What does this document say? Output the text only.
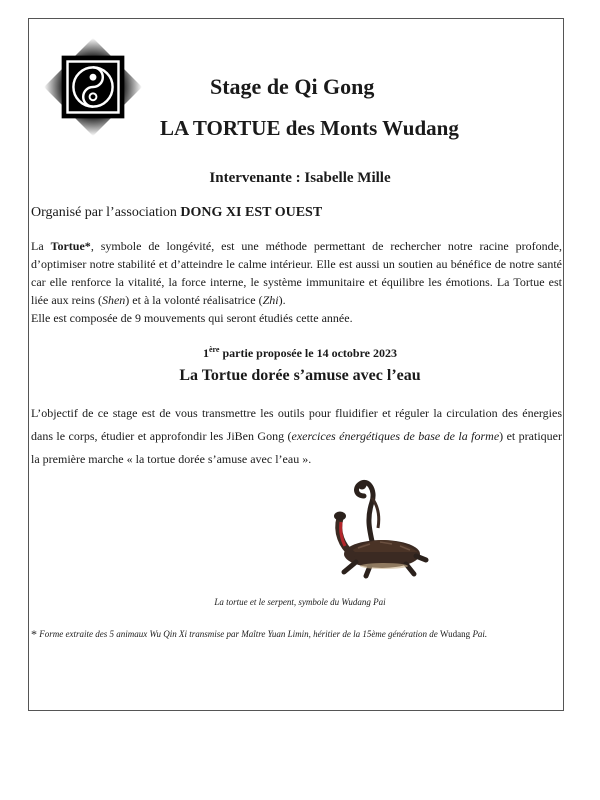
Stage de Qi Gong
LA TORTUE des Monts Wudang
Intervenante : Isabelle Mille
Organisé par l’association DONG XI EST OUEST
La Tortue*, symbole de longévité, est une méthode permettant de rechercher notre racine profonde, d’optimiser notre stabilité et d’atteindre le calme intérieur. Elle est aussi un soutien au bénéfice de notre santé car elle renforce la vitalité, la force interne, le système immunitaire et équilibre les émotions. La Tortue est liée aux reins (Shen) et à la volonté réalisatrice (Zhi).
Elle est composée de 9 mouvements qui seront étudiés cette année.
1ère partie proposée le 14 octobre 2023
La Tortue dorée s’amuse avec l’eau
L’objectif de ce stage est de vous transmettre les outils pour fluidifier et réguler la circulation des énergies dans le corps, étudier et approfondir les JiBen Gong (exercices énergétiques de base de la forme) et pratiquer la première marche « la tortue dorée s’amuse avec l’eau ».
La tortue et le serpent, symbole du Wudang Pai
* Forme extraite des 5 animaux Wu Qin Xi transmise par Maître Yuan Limin, héritier de la 15ème génération de Wudang Pai.
